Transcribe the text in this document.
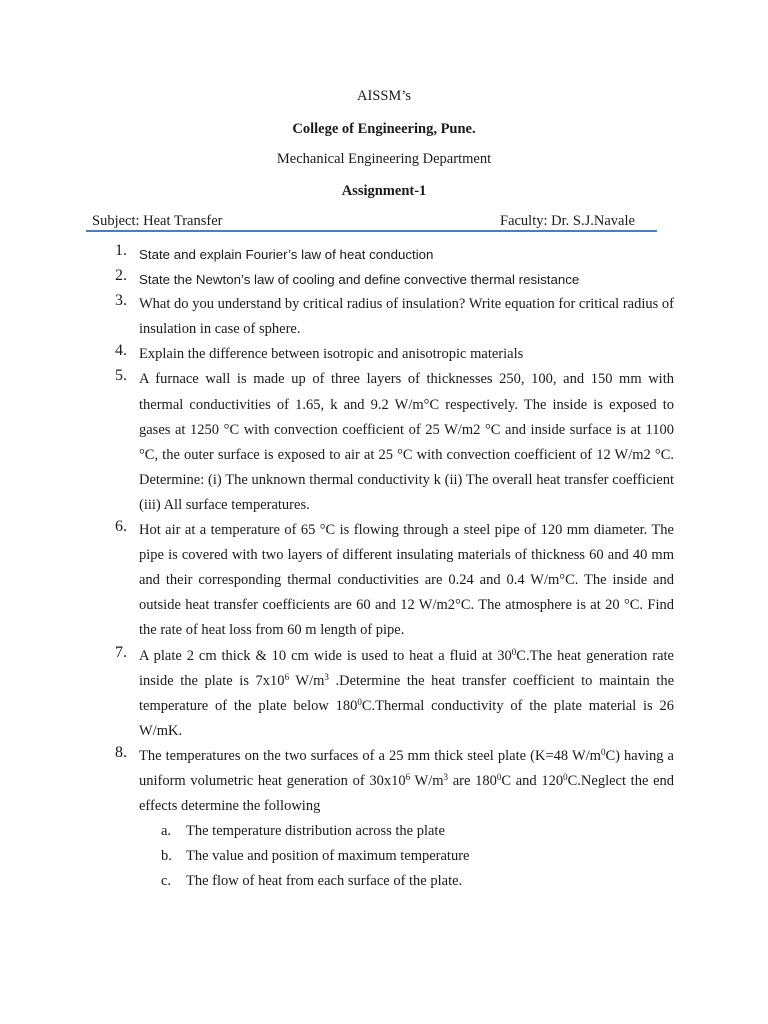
AISSM’s
College of Engineering, Pune.
Mechanical Engineering Department
Assignment-1
Subject: Heat Transfer	Faculty: Dr. S.J.Navale
1. State and explain Fourier’s law of heat conduction
2. State the Newton’s law of cooling and define convective thermal resistance
3. What do you understand by critical radius of insulation? Write equation for critical radius of insulation in case of sphere.
4. Explain the difference between isotropic and anisotropic materials
5. A furnace wall is made up of three layers of thicknesses 250, 100, and 150 mm with thermal conductivities of 1.65, k and 9.2 W/m°C respectively. The inside is exposed to gases at 1250 °C with convection coefficient of 25 W/m2 °C and inside surface is at 1100 °C, the outer surface is exposed to air at 25 °C with convection coefficient of 12 W/m2 °C. Determine: (i) The unknown thermal conductivity k (ii) The overall heat transfer coefficient (iii) All surface temperatures.
6. Hot air at a temperature of 65 °C is flowing through a steel pipe of 120 mm diameter. The pipe is covered with two layers of different insulating materials of thickness 60 and 40 mm and their corresponding thermal conductivities are 0.24 and 0.4 W/m°C. The inside and outside heat transfer coefficients are 60 and 12 W/m2°C. The atmosphere is at 20 °C. Find the rate of heat loss from 60 m length of pipe.
7. A plate 2 cm thick & 10 cm wide is used to heat a fluid at $30^0C.The$ heat generation rate inside the plate is $7x10^6$ $W/m^3$ .Determine the heat transfer coefficient to maintain the temperature of the plate below $180^0C.Thermal$ conductivity of the plate material is 26 W/mK.
8. The temperatures on the two surfaces of a 25 mm thick steel plate (K=48 $W/m^0C$) having a uniform volumetric heat generation of $30x10^6$ $W/m^3$ are $180^0C$ and $120^0C.Neglect$ the end effects determine the following
a. The temperature distribution across the plate
b. The value and position of maximum temperature
c. The flow of heat from each surface of the plate.
